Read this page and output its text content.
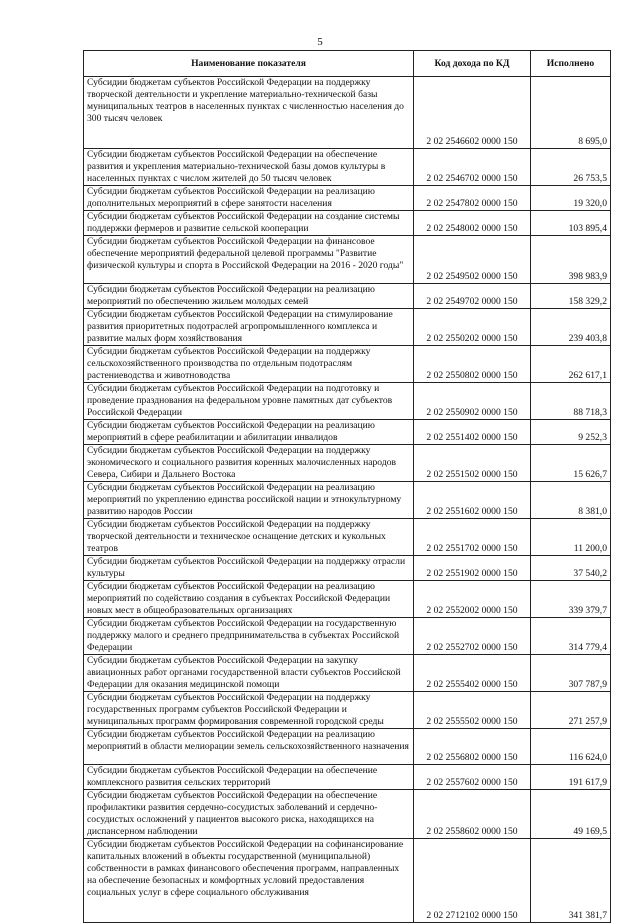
5
Наименование показателя	Код дохода по КД	Исполнено
Субсидии бюджетам субъектов Российской Федерации на поддержку творческой деятельности и укрепление материально-технической базы муниципальных театров в населенных пунктах с численностью населения до 300 тысяч человек	2 02 2546602 0000 150	8 695,0
Субсидии бюджетам субъектов Российской Федерации на обеспечение развития и укрепления материально-технической базы домов культуры в населенных пунктах с числом жителей до 50 тысяч человек	2 02 2546702 0000 150	26 753,5
Субсидии бюджетам субъектов Российской Федерации на реализацию дополнительных мероприятий в сфере занятости населения	2 02 2547802 0000 150	19 320,0
Субсидии бюджетам субъектов Российской Федерации на создание системы поддержки фермеров и развитие сельской кооперации	2 02 2548002 0000 150	103 895,4
Субсидии бюджетам субъектов Российской Федерации на финансовое обеспечение мероприятий федеральной целевой программы "Развитие физической культуры и спорта в Российской Федерации на 2016 - 2020 годы"	2 02 2549502 0000 150	398 983,9
Субсидии бюджетам субъектов Российской Федерации на реализацию мероприятий по обеспечению жильем молодых семей	2 02 2549702 0000 150	158 329,2
Субсидии бюджетам субъектов Российской Федерации на стимулирование развития приоритетных подотраслей агропромышленного комплекса и развитие малых форм хозяйствования	2 02 2550202 0000 150	239 403,8
Субсидии бюджетам субъектов Российской Федерации на поддержку сельскохозяйственного производства по отдельным подотраслям растениеводства и животноводства	2 02 2550802 0000 150	262 617,1
Субсидии бюджетам субъектов Российской Федерации на подготовку и проведение празднования на федеральном уровне памятных дат субъектов Российской Федерации	2 02 2550902 0000 150	88 718,3
Субсидии бюджетам субъектов Российской Федерации на реализацию мероприятий в сфере реабилитации и абилитации инвалидов	2 02 2551402 0000 150	9 252,3
Субсидии бюджетам субъектов Российской Федерации на поддержку экономического и социального развития коренных малочисленных народов Севера, Сибири и Дальнего Востока	2 02 2551502 0000 150	15 626,7
Субсидии бюджетам субъектов Российской Федерации на реализацию мероприятий по укреплению единства российской нации и этнокультурному развитию народов России	2 02 2551602 0000 150	8 381,0
Субсидии бюджетам субъектов Российской Федерации на поддержку творческой деятельности и техническое оснащение детских и кукольных театров	2 02 2551702 0000 150	11 200,0
Субсидии бюджетам субъектов Российской Федерации на поддержку отрасли культуры	2 02 2551902 0000 150	37 540,2
Субсидии бюджетам субъектов Российской Федерации на реализацию мероприятий по содействию создания в субъектах Российской Федерации новых мест в общеобразовательных организациях	2 02 2552002 0000 150	339 379,7
Субсидии бюджетам субъектов Российской Федерации на государственную поддержку малого и среднего предпринимательства в субъектах Российской Федерации	2 02 2552702 0000 150	314 779,4
Субсидии бюджетам субъектов Российской Федерации на закупку авиационных работ органами государственной власти субъектов Российской Федерации для оказания медицинской помощи	2 02 2555402 0000 150	307 787,9
Субсидии бюджетам субъектов Российской Федерации на поддержку государственных программ субъектов Российской Федерации и муниципальных программ формирования современной городской среды	2 02 2555502 0000 150	271 257,9
Субсидии бюджетам субъектов Российской Федерации на реализацию мероприятий в области мелиорации земель сельскохозяйственного назначения	2 02 2556802 0000 150	116 624,0
Субсидии бюджетам субъектов Российской Федерации на обеспечение комплексного развития сельских территорий	2 02 2557602 0000 150	191 617,9
Субсидии бюджетам субъектов Российской Федерации на обеспечение профилактики развития сердечно-сосудистых заболеваний и сердечно-сосудистых осложнений у пациентов высокого риска, находящихся на диспансерном наблюдении	2 02 2558602 0000 150	49 169,5
Субсидии бюджетам субъектов Российской Федерации на софинансирование капитальных вложений в объекты государственной (муниципальной) собственности в рамках финансового обеспечения программ, направленных на обеспечение безопасных и комфортных условий предоставления социальных услуг в сфере социального обслуживания	2 02 2712102 0000 150	341 381,7
